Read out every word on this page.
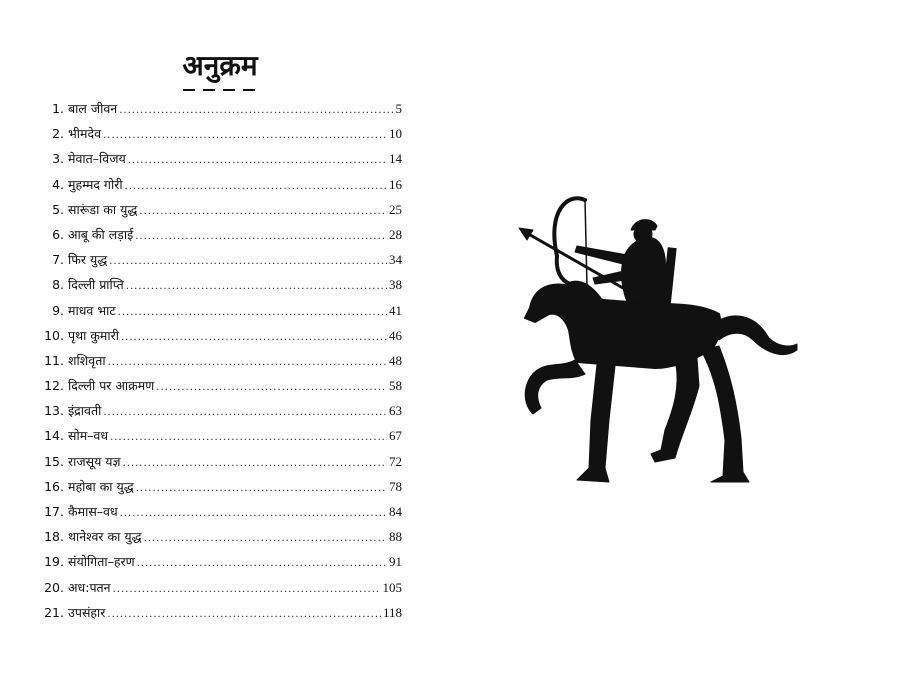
अनुक्रम
1. बाल जीवन .....	5
2. भीमदेव .....	10
3. मेवात–विजय .....	14
4. मुहम्मद गोरी .....	16
5. सारूंडा का युद्ध .....	25
6. आबू की लड़ाई .....	28
7. फिर युद्ध .....	34
8. दिल्ली प्राप्ति .....	38
9. माधव भाट .....	41
10. पृथा कुमारी .....	46
11. शशिवृता .....	48
12. दिल्ली पर आक्रमण .....	58
13. इंद्रावती .....	63
14. सोम–वध .....	67
15. राजसूय यज्ञ .....	72
16. महोबा का युद्ध .....	78
17. कैमास–वध .....	84
18. थानेश्वर का युद्ध .....	88
19. संयोगिता–हरण .....	91
20. अध:पतन .....	105
21. उपसंहार .....	118
